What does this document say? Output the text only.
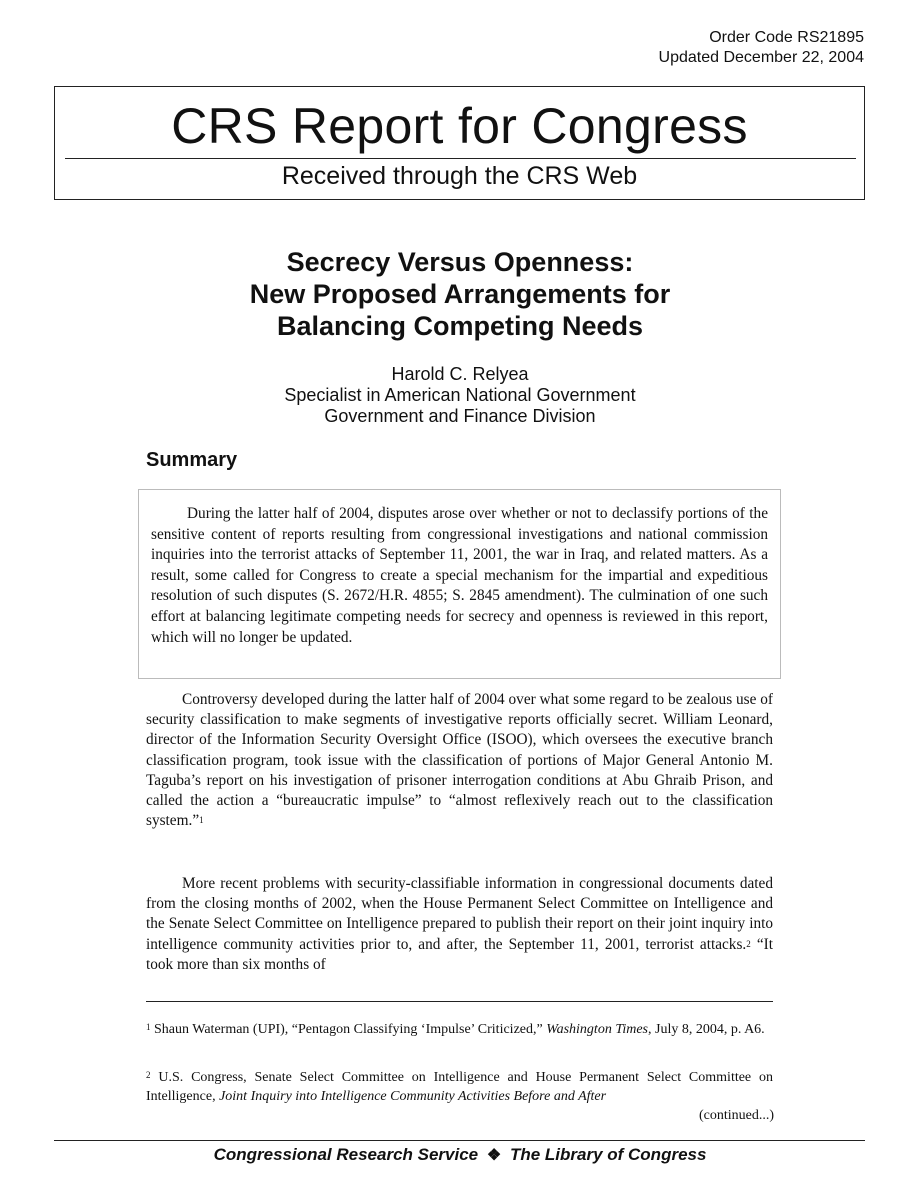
Order Code RS21895
Updated December 22, 2004
CRS Report for Congress
Received through the CRS Web
Secrecy Versus Openness:
New Proposed Arrangements for
Balancing Competing Needs
Harold C. Relyea
Specialist in American National Government
Government and Finance Division
Summary

During the latter half of 2004, disputes arose over whether or not to declassify portions of the sensitive content of reports resulting from congressional investigations and national commission inquiries into the terrorist attacks of September 11, 2001, the war in Iraq, and related matters. As a result, some called for Congress to create a special mechanism for the impartial and expeditious resolution of such disputes (S. 2672/H.R. 4855; S. 2845 amendment). The culmination of one such effort at balancing legitimate competing needs for secrecy and openness is reviewed in this report, which will no longer be updated.

Controversy developed during the latter half of 2004 over what some regard to be zealous use of security classification to make segments of investigative reports officially secret. William Leonard, director of the Information Security Oversight Office (ISOO), which oversees the executive branch classification program, took issue with the classification of portions of Major General Antonio M. Taguba’s report on his investigation of prisoner interrogation conditions at Abu Ghraib Prison, and called the action a “bureaucratic impulse” to “almost reflexively reach out to the classification system.”$^1$

More recent problems with security-classifiable information in congressional documents dated from the closing months of 2002, when the House Permanent Select Committee on Intelligence and the Senate Select Committee on Intelligence prepared to publish their report on their joint inquiry into intelligence community activities prior to, and after, the September 11, 2001, terrorist attacks.$^2$ “It took more than six months of

$^1$ Shaun Waterman (UPI), “Pentagon Classifying ‘Impulse’ Criticized,” Washington Times, July 8, 2004, p. A6.

$^2$ U.S. Congress, Senate Select Committee on Intelligence and House Permanent Select Committee on Intelligence, Joint Inquiry into Intelligence Community Activities Before and After

(continued...)
Congressional Research Service ❖ The Library of Congress
